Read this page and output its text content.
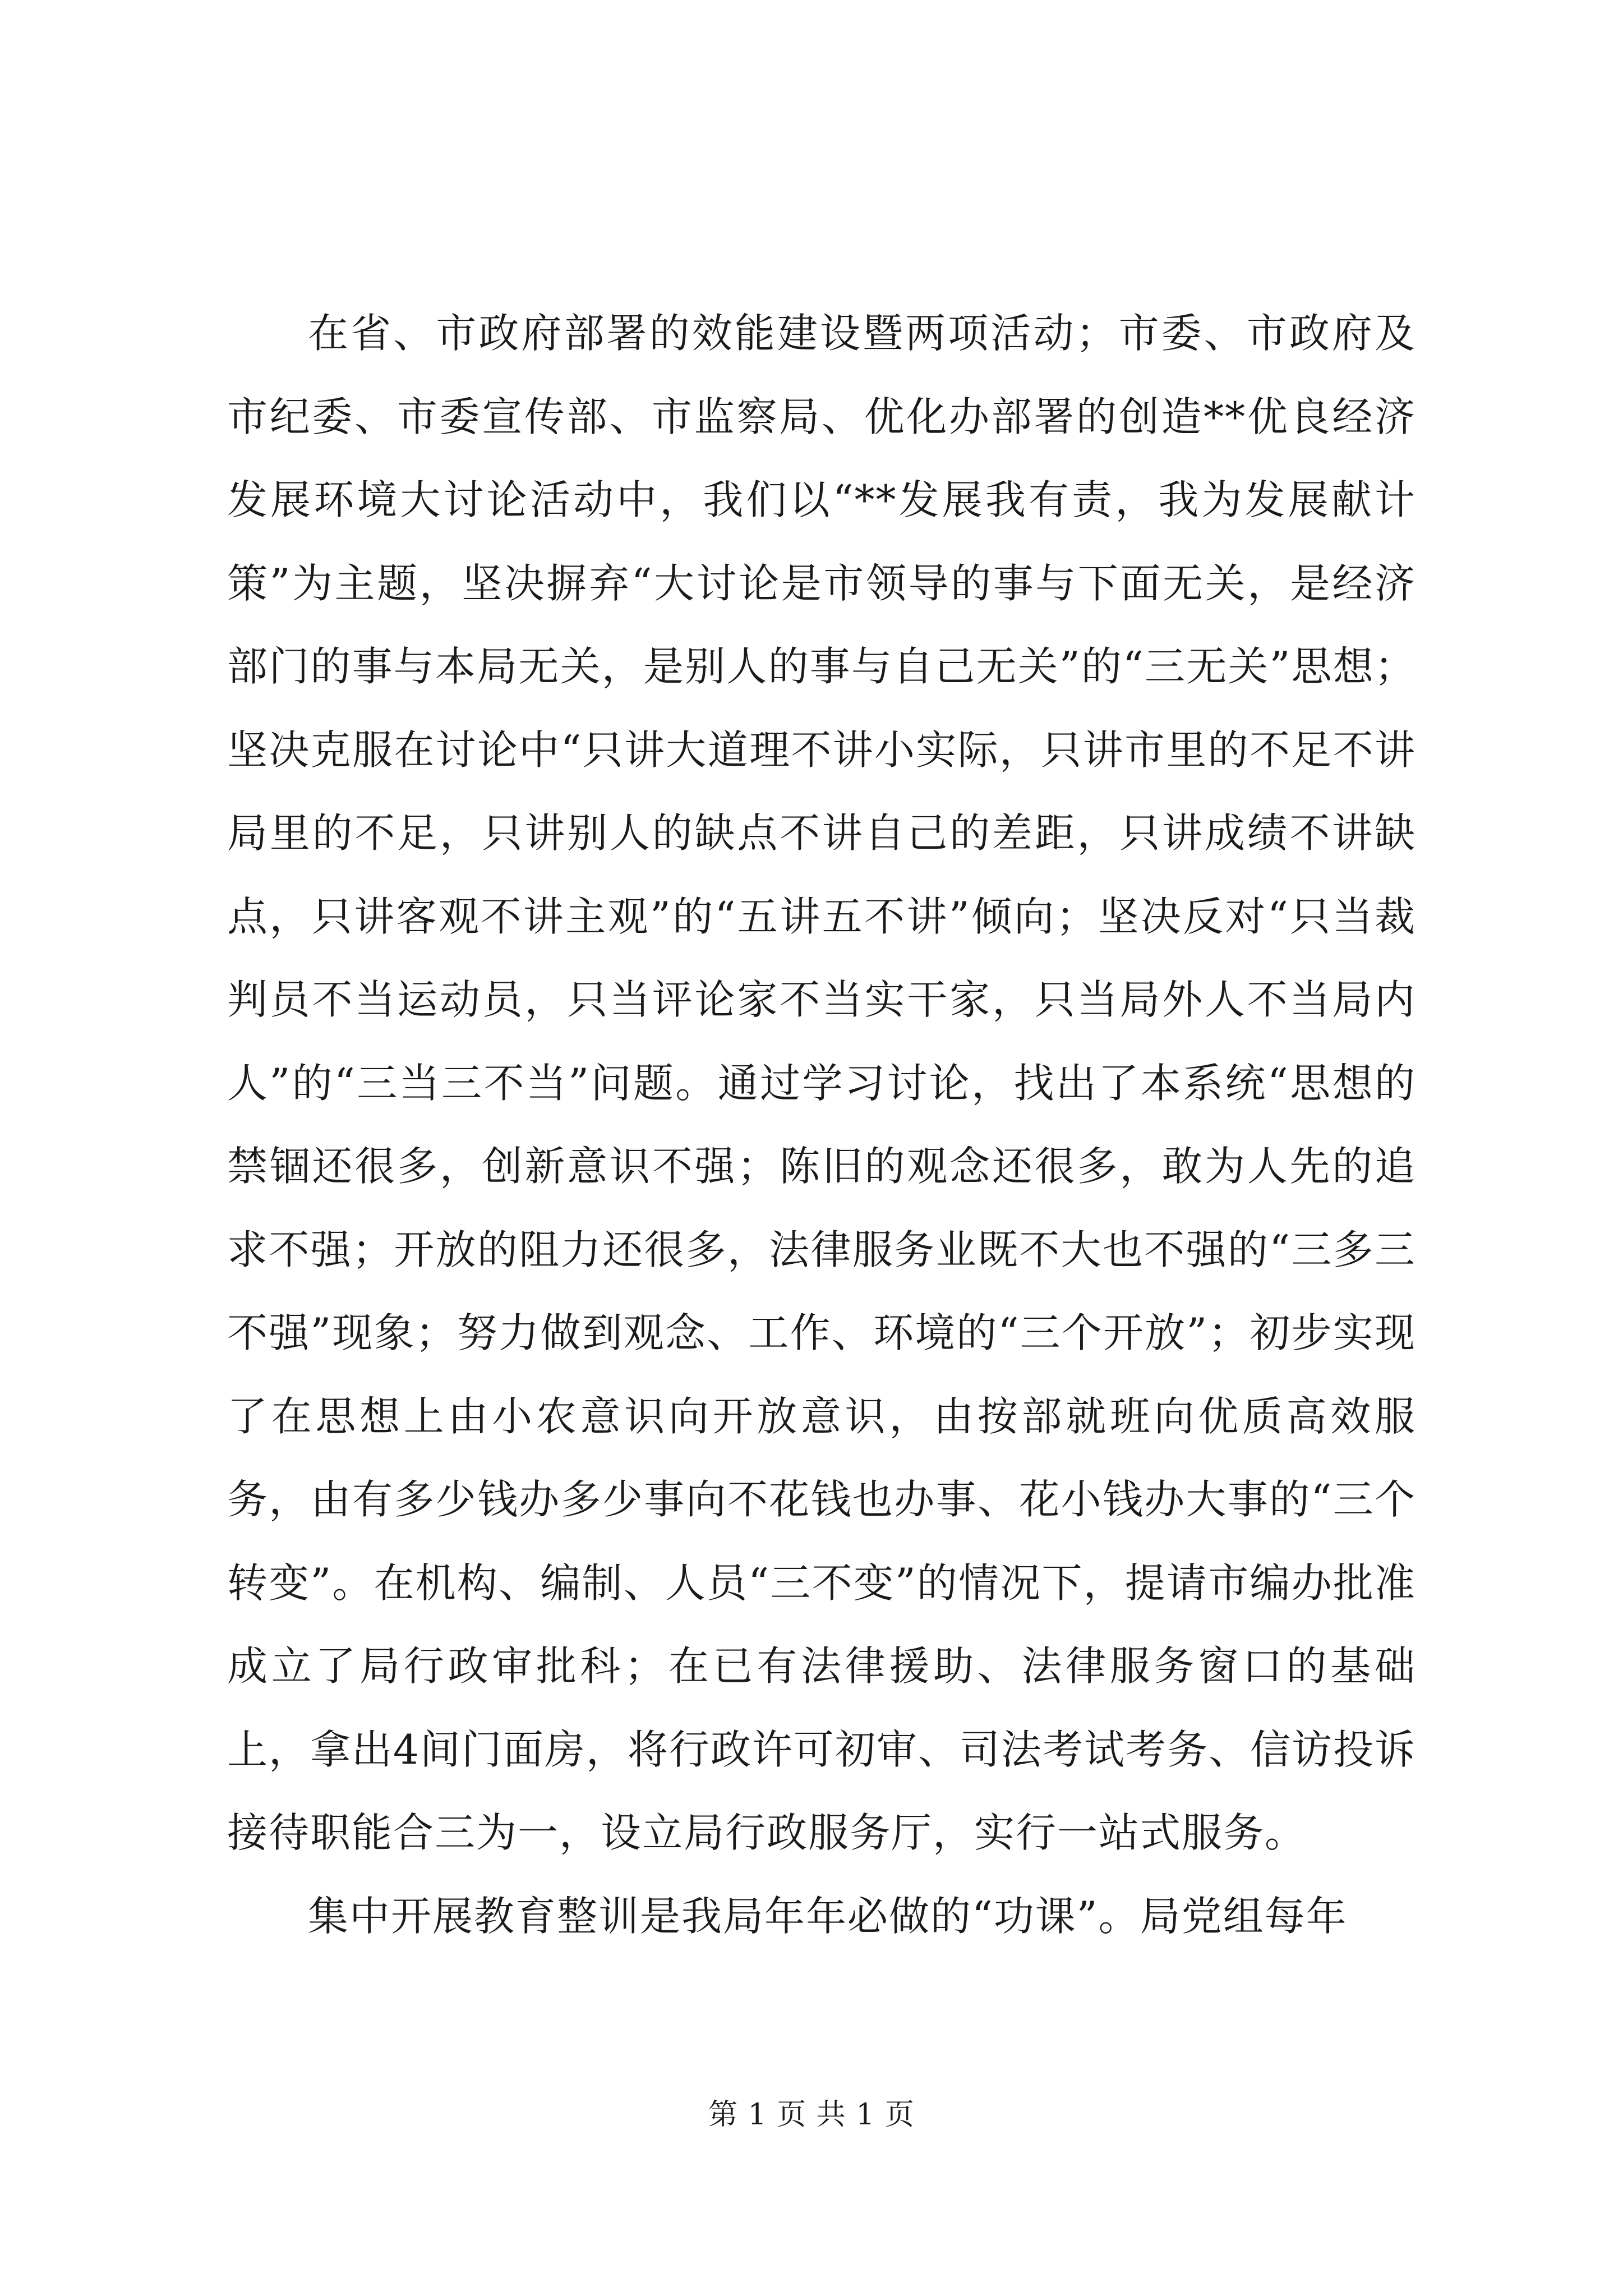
在省、市政府部署的效能建设暨两项活动；市委、市政府及市纪委、市委宣传部、市监察局、优化办部署的创造**优良经济发展环境大讨论活动中，我们以“**发展我有责，我为发展献计策”为主题，坚决摒弃“大讨论是市领导的事与下面无关，是经济部门的事与本局无关，是别人的事与自己无关”的“三无关”思想；坚决克服在讨论中“只讲大道理不讲小实际，只讲市里的不足不讲局里的不足，只讲别人的缺点不讲自己的差距，只讲成绩不讲缺点，只讲客观不讲主观”的“五讲五不讲”倾向；坚决反对“只当裁判员不当运动员，只当评论家不当实干家，只当局外人不当局内人”的“三当三不当”问题。通过学习讨论，找出了本系统“思想的禁锢还很多，创新意识不强；陈旧的观念还很多，敢为人先的追求不强；开放的阻力还很多，法律服务业既不大也不强的“三多三不强”现象；努力做到观念、工作、环境的“三个开放”；初步实现了在思想上由小农意识向开放意识，由按部就班向优质高效服务，由有多少钱办多少事向不花钱也办事、花小钱办大事的“三个转变”。在机构、编制、人员“三不变”的情况下，提请市编办批准成立了局行政审批科；在已有法律援助、法律服务窗口的基础上，拿出4间门面房，将行政许可初审、司法考试考务、信访投诉接待职能合三为一，设立局行政服务厅，实行一站式服务。

集中开展教育整训是我局年年必做的“功课”。局党组每年

第 1 页 共 1 页
